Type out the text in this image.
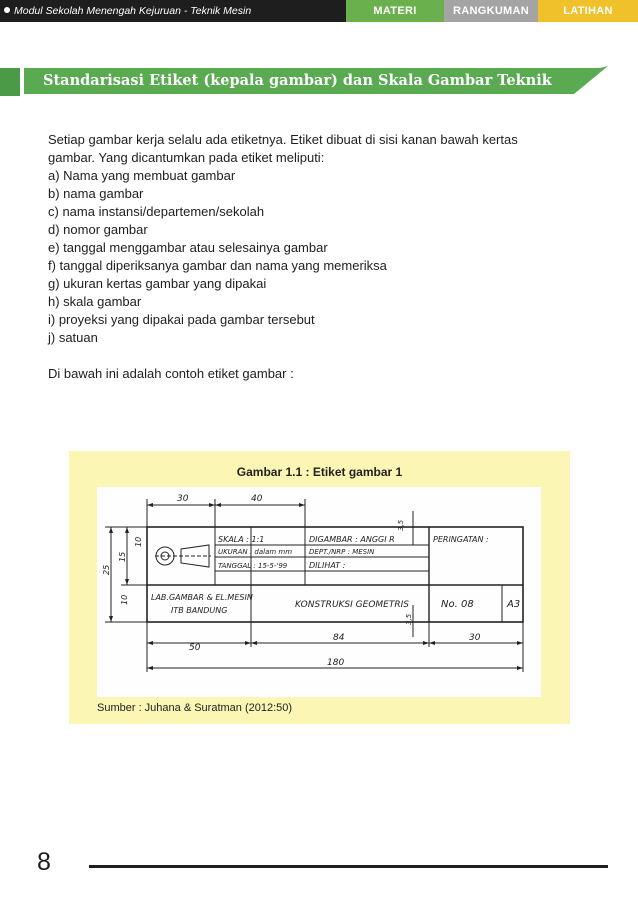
Modul Sekolah Menengah Kejuruan - Teknik Mesin	MATERI	RANGKUMAN	LATIHAN
Standarisasi Etiket (kepala gambar) dan Skala Gambar Teknik

Setiap gambar kerja selalu ada etiketnya. Etiket dibuat di sisi kanan bawah kertas

gambar. Yang dicantumkan pada etiket meliputi:

a) Nama yang membuat gambar

b) nama gambar

c) nama instansi/departemen/sekolah

d) nomor gambar

e) tanggal menggambar atau selesainya gambar

f) tanggal diperiksanya gambar dan nama yang memeriksa

g) ukuran kertas gambar yang dipakai

h) skala gambar

i) proyeksi yang dipakai pada gambar tersebut

j) satuan

Di bawah ini adalah contoh etiket gambar :

Gambar 1.1 : Etiket gambar 1
30	40
SKALA : 1:1
UKURAN : dalam mm
TANGGAL : 15-5-'99
DIGAMBAR : ANGGI R
DEPT./NRP : MESIN
DILIHAT :
PERINGATAN :
LAB.GAMBAR & EL.MESIN
ITB BANDUNG
KONSTRUKSI GEOMETRIS	No. 08	A3
10
15
25
10
3,5
3,5
50
84	30
180
Sumber : Juhana & Suratman (2012:50)
8
